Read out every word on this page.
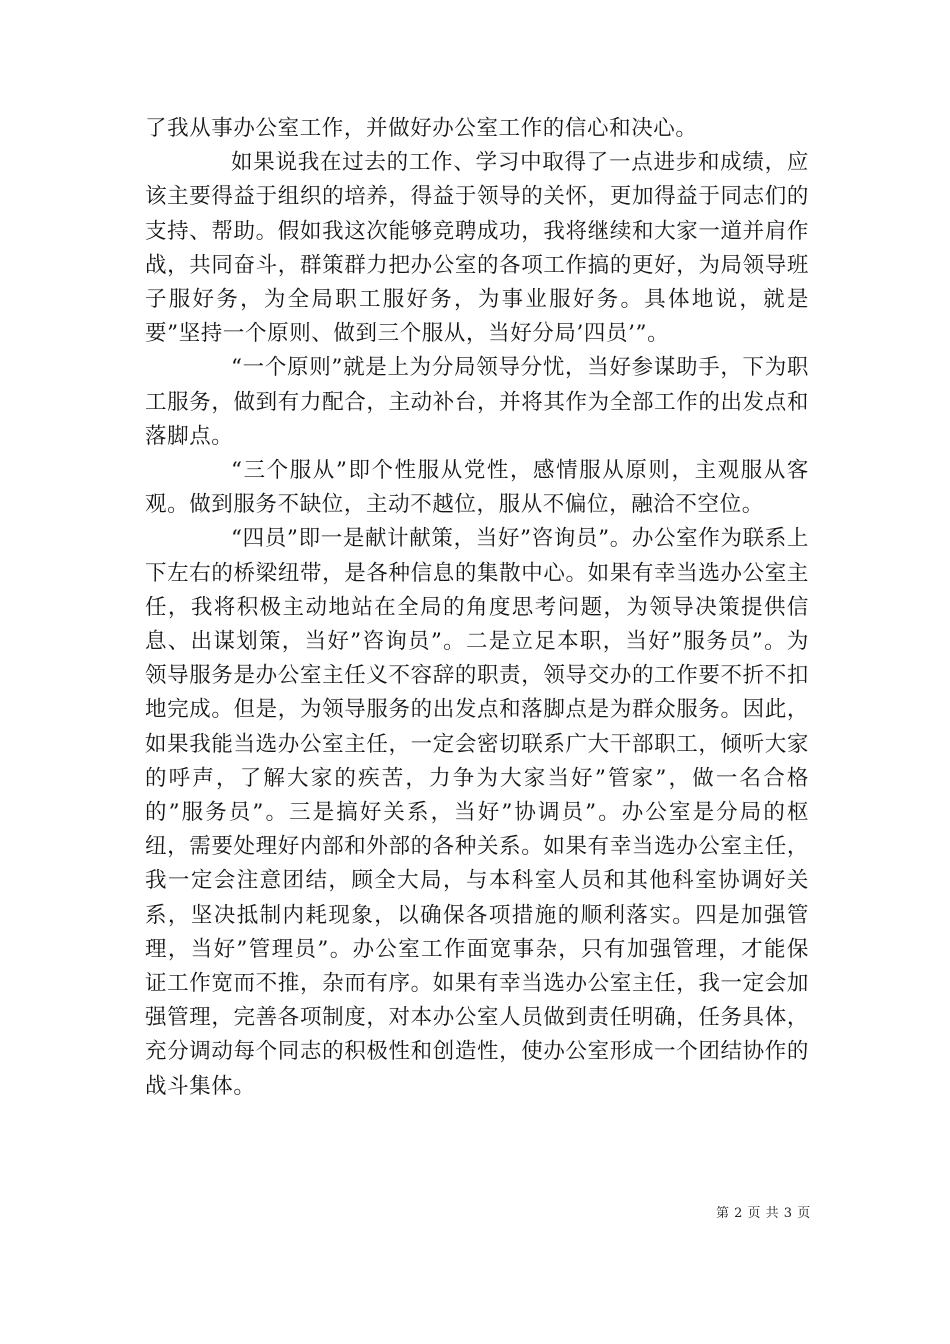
了我从事办公室工作，并做好办公室工作的信心和决心。

如果说我在过去的工作、学习中取得了一点进步和成绩，应该主要得益于组织的培养，得益于领导的关怀，更加得益于同志们的支持、帮助。假如我这次能够竞聘成功，我将继续和大家一道并肩作战，共同奋斗，群策群力把办公室的各项工作搞的更好，为局领导班子服好务，为全局职工服好务，为事业服好务。具体地说，就是要”坚持一个原则、做到三个服从，当好分局’四员’”。

“一个原则”就是上为分局领导分忧，当好参谋助手，下为职工服务，做到有力配合，主动补台，并将其作为全部工作的出发点和落脚点。

“三个服从”即个性服从党性，感情服从原则，主观服从客观。做到服务不缺位，主动不越位，服从不偏位，融洽不空位。

“四员”即一是献计献策，当好”咨询员”。办公室作为联系上下左右的桥梁纽带，是各种信息的集散中心。如果有幸当选办公室主任，我将积极主动地站在全局的角度思考问题，为领导决策提供信息、出谋划策，当好”咨询员”。二是立足本职，当好”服务员”。为领导服务是办公室主任义不容辞的职责，领导交办的工作要不折不扣地完成。但是，为领导服务的出发点和落脚点是为群众服务。因此，如果我能当选办公室主任，一定会密切联系广大干部职工，倾听大家的呼声，了解大家的疾苦，力争为大家当好”管家”，做一名合格的”服务员”。三是搞好关系，当好”协调员”。办公室是分局的枢纽，需要处理好内部和外部的各种关系。如果有幸当选办公室主任，我一定会注意团结，顾全大局，与本科室人员和其他科室协调好关系，坚决抵制内耗现象，以确保各项措施的顺利落实。四是加强管理，当好”管理员”。办公室工作面宽事杂，只有加强管理，才能保证工作宽而不推，杂而有序。如果有幸当选办公室主任，我一定会加强管理，完善各项制度，对本办公室人员做到责任明确，任务具体，充分调动每个同志的积极性和创造性，使办公室形成一个团结协作的战斗集体。

第 2 页 共 3 页
